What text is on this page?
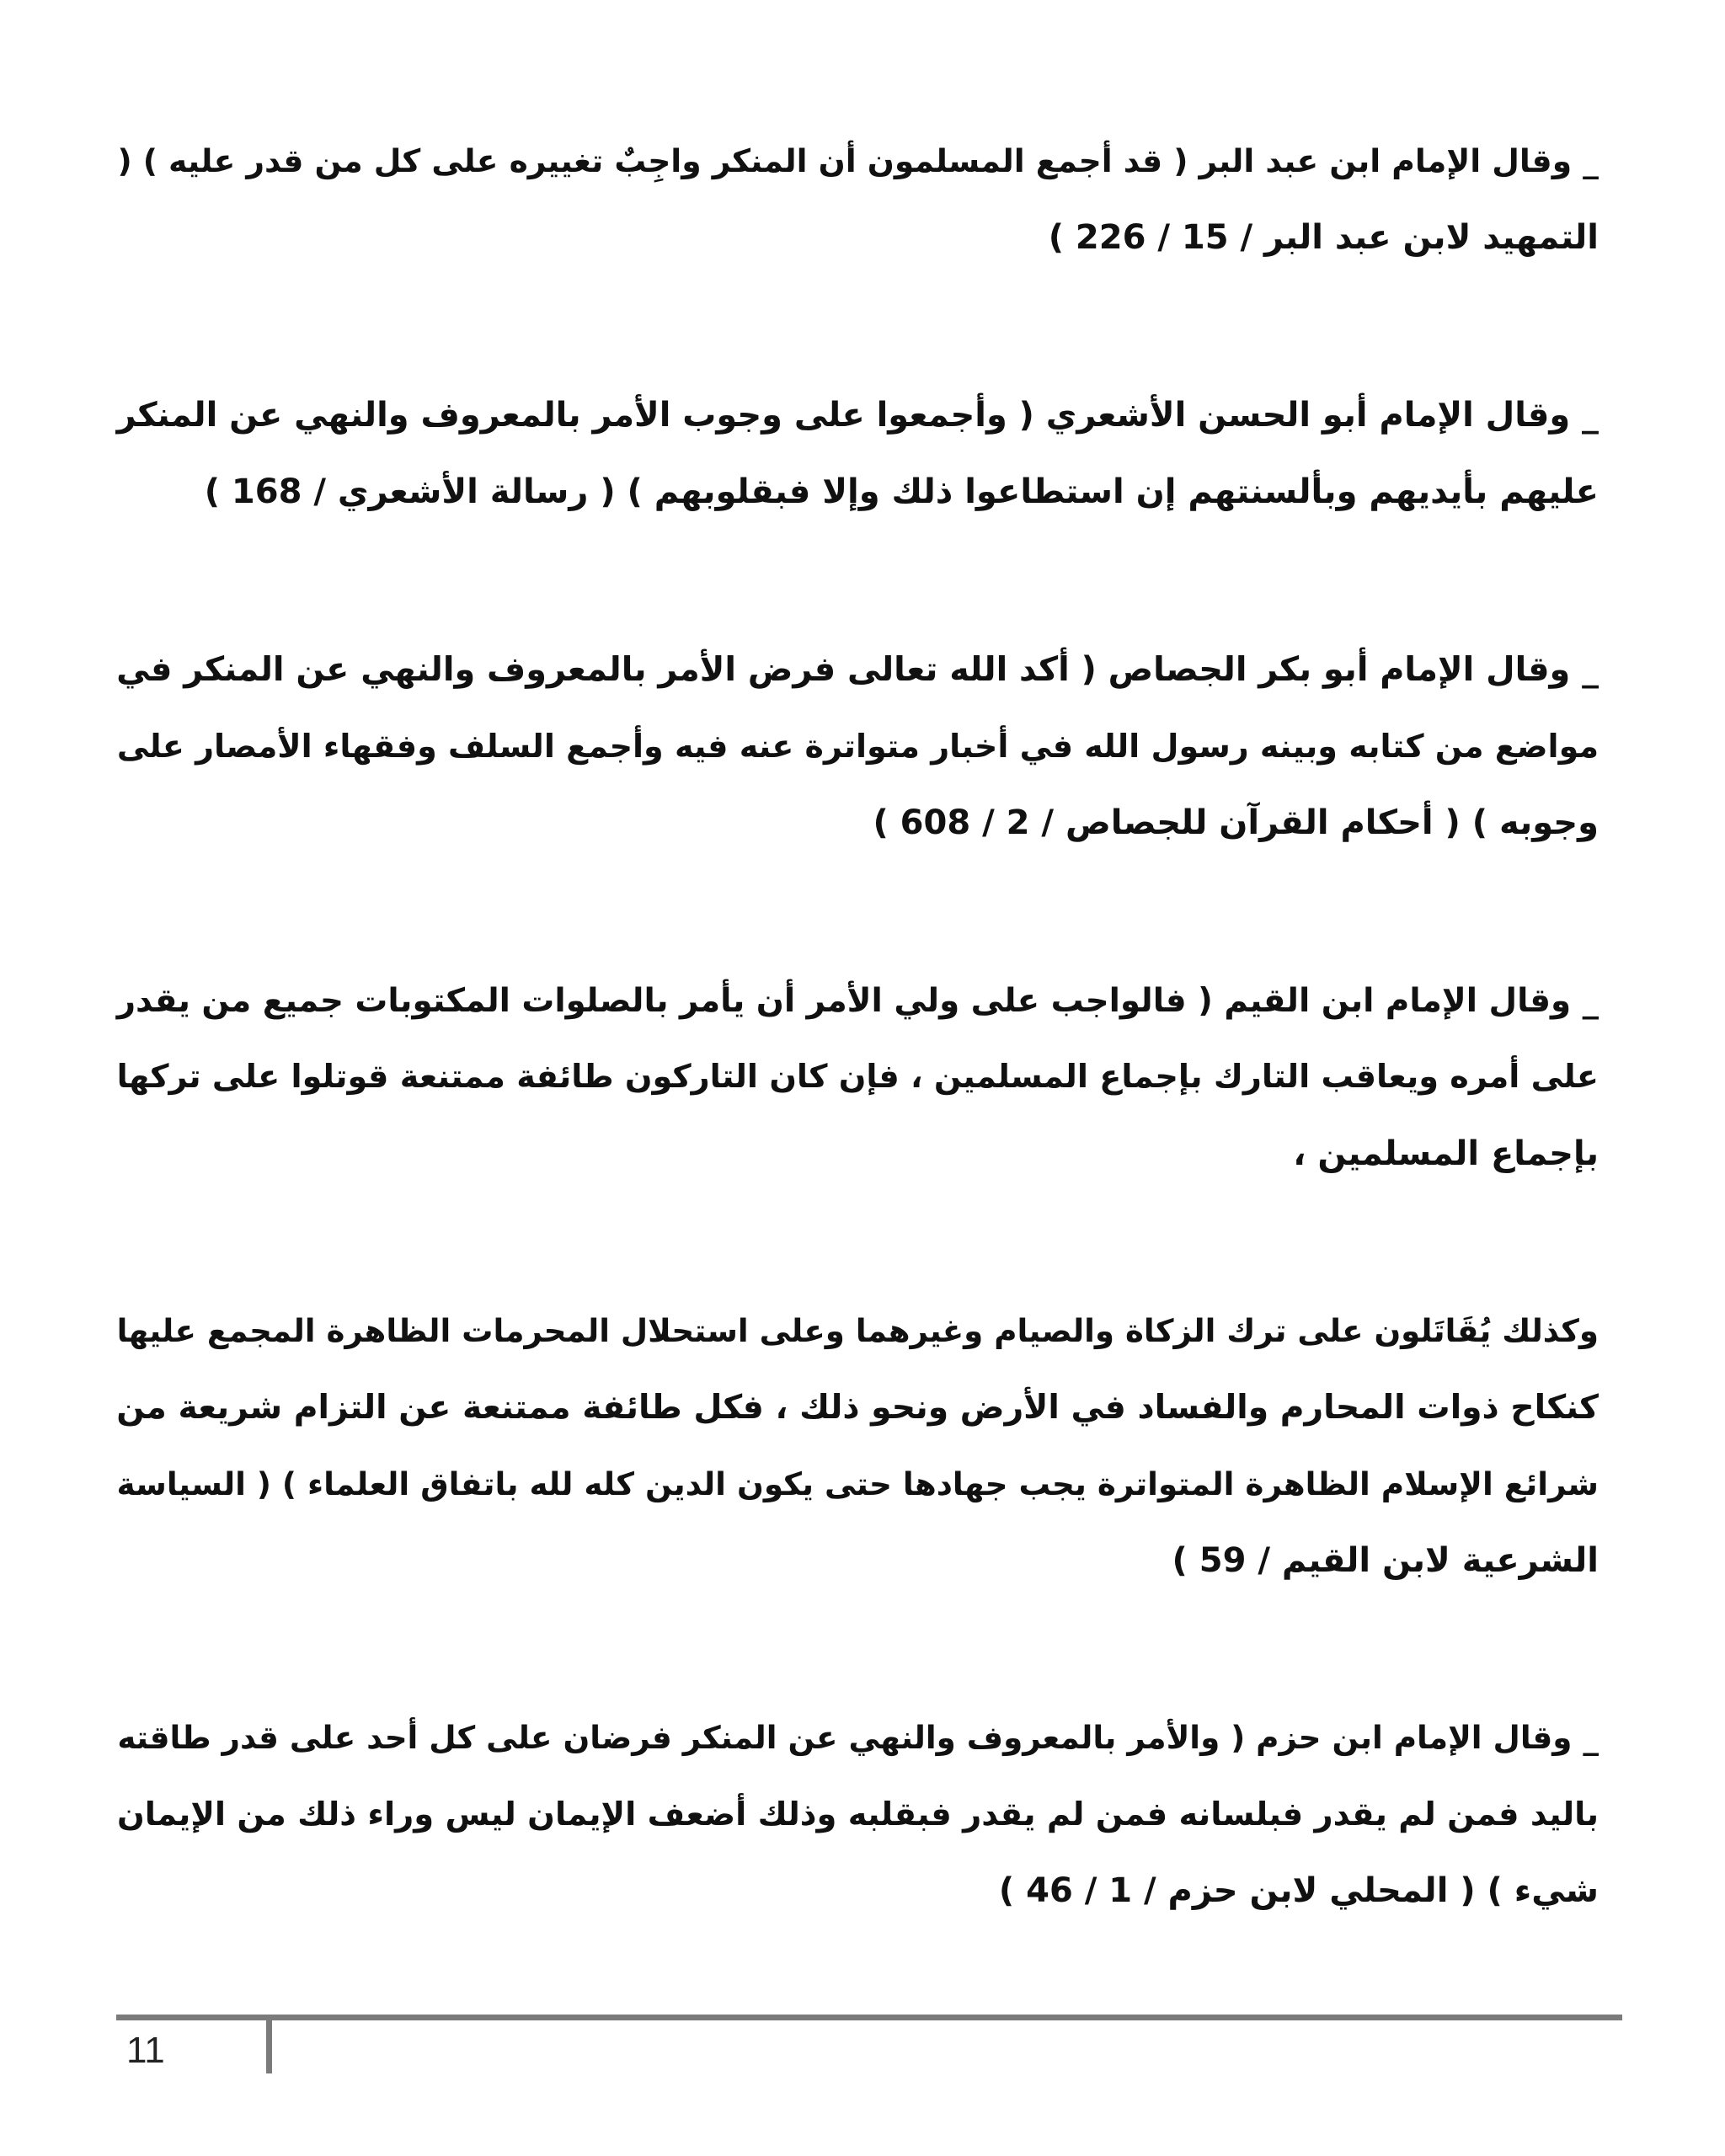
_ وقال الإمام ابن عبد البر ( قد أجمع المسلمون أن المنكر واجِبٌ تغييره على كل من قدر عليه ) (
التمهيد لابن عبد البر / 15 / 226 )
_ وقال الإمام أبو الحسن الأشعري ( وأجمعوا على وجوب الأمر بالمعروف والنهي عن المنكر
عليهم بأيديهم وبألسنتهم إن استطاعوا ذلك وإلا فبقلوبهم ) ( رسالة الأشعري / 168 )
_ وقال الإمام أبو بكر الجصاص ( أكد الله تعالى فرض الأمر بالمعروف والنهي عن المنكر في
مواضع من كتابه وبينه رسول الله في أخبار متواترة عنه فيه وأجمع السلف وفقهاء الأمصار على
وجوبه ) ( أحكام القرآن للجصاص / 2 / 608 )
_ وقال الإمام ابن القيم ( فالواجب على ولي الأمر أن يأمر بالصلوات المكتوبات جميع من يقدر
على أمره ويعاقب التارك بإجماع المسلمين ، فإن كان التاركون طائفة ممتنعة قوتلوا على تركها
بإجماع المسلمين ،
وكذلك يُقَاتَلون على ترك الزكاة والصيام وغيرهما وعلى استحلال المحرمات الظاهرة المجمع عليها
كنكاح ذوات المحارم والفساد في الأرض ونحو ذلك ، فكل طائفة ممتنعة عن التزام شريعة من
شرائع الإسلام الظاهرة المتواترة يجب جهادها حتى يكون الدين كله لله باتفاق العلماء ) ( السياسة
الشرعية لابن القيم / 59 )
_ وقال الإمام ابن حزم ( والأمر بالمعروف والنهي عن المنكر فرضان على كل أحد على قدر طاقته
باليد فمن لم يقدر فبلسانه فمن لم يقدر فبقلبه وذلك أضعف الإيمان ليس وراء ذلك من الإيمان
شيء ) ( المحلي لابن حزم / 1 / 46 )
11
